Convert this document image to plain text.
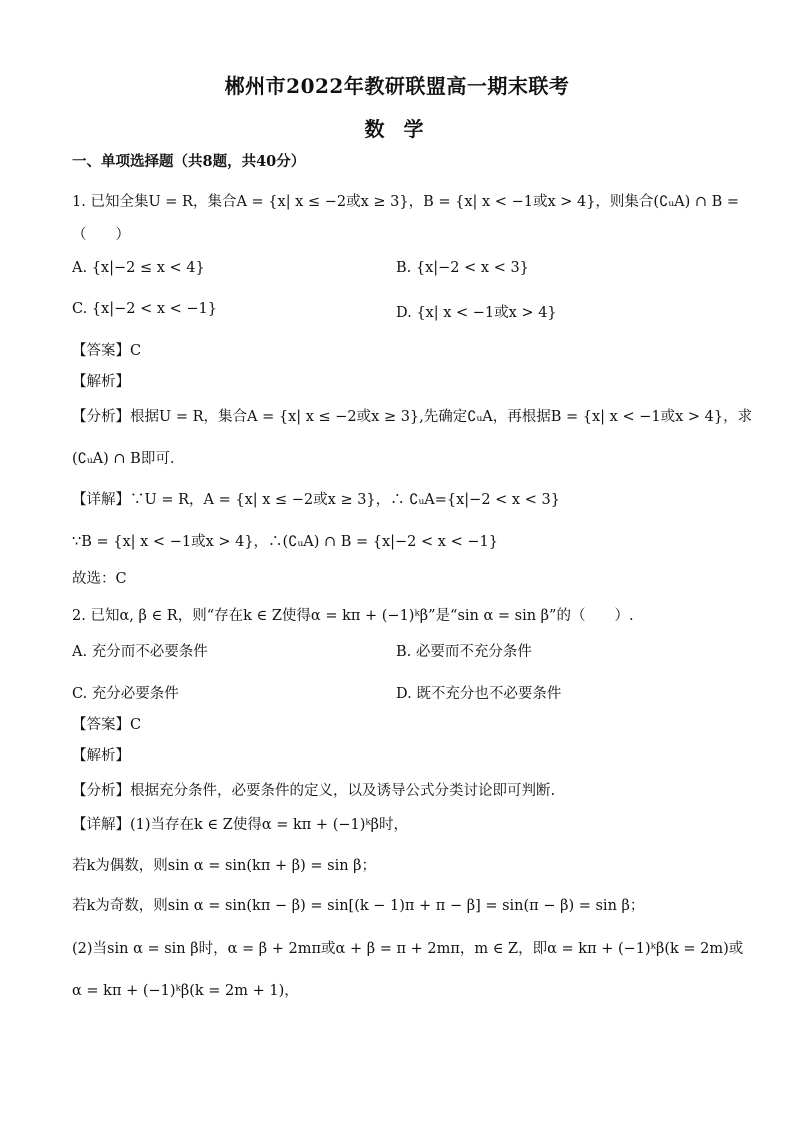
郴州市2022年教研联盟高一期末联考
数 学
一、单项选择题（共8题，共40分）
1. 已知全集U = R，集合A = {x| x ≤ −2或x ≥ 3}，B = {x| x < −1或x > 4}，则集合(∁ᵤA) ∩ B =
（　　）
A. {x|−2 ≤ x < 4}	B. {x|−2 < x < 3}
C. {x|−2 < x < −1}	D. {x| x < −1或x > 4}
【答案】C
【解析】
【分析】根据U = R，集合A = {x| x ≤ −2或x ≥ 3},先确定∁ᵤA，再根据B = {x| x < −1或x > 4}，求
(∁ᵤA) ∩ B即可.
【详解】∵U = R，A = {x| x ≤ −2或x ≥ 3}，∴ ∁ᵤA={x|−2 < x < 3}
∵B = {x| x < −1或x > 4}，∴(∁ᵤA) ∩ B = {x|−2 < x < −1}
故选：C
2. 已知α, β ∈ R，则“存在k ∈ Z使得α = kπ + (−1)ᵏβ”是“sin α = sin β”的（　　）.
A. 充分而不必要条件	B. 必要而不充分条件
C. 充分必要条件	D. 既不充分也不必要条件
【答案】C
【解析】
【分析】根据充分条件，必要条件的定义，以及诱导公式分类讨论即可判断.
【详解】(1)当存在k ∈ Z使得α = kπ + (−1)ᵏβ时，
若k为偶数，则sin α = sin(kπ + β) = sin β；
若k为奇数，则sin α = sin(kπ − β) = sin[(k − 1)π + π − β] = sin(π − β) = sin β；
(2)当sin α = sin β时，α = β + 2mπ或α + β = π + 2mπ，m ∈ Z，即α = kπ + (−1)ᵏβ(k = 2m)或
α = kπ + (−1)ᵏβ(k = 2m + 1)，
